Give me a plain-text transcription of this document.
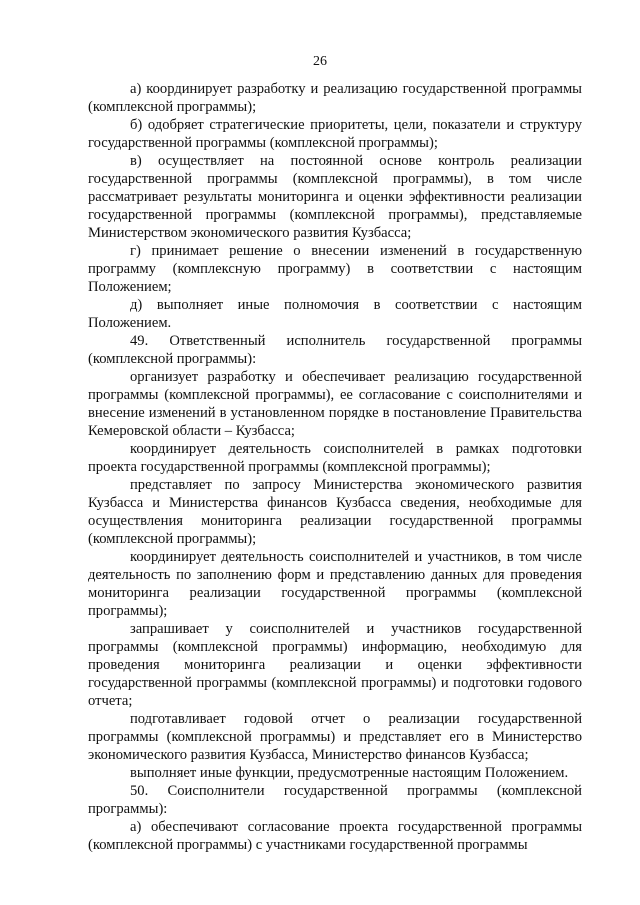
26

а) координирует разработку и реализацию государственной программы (комплексной программы);

б) одобряет стратегические приоритеты, цели, показатели и структуру государственной программы (комплексной программы);

в) осуществляет на постоянной основе контроль реализации государственной программы (комплексной программы), в том числе рассматривает результаты мониторинга и оценки эффективности реализации государственной программы (комплексной программы), представляемые Министерством экономического развития Кузбасса;

г) принимает решение о внесении изменений в государственную программу (комплексную программу) в соответствии с настоящим Положением;

д) выполняет иные полномочия в соответствии с настоящим Положением.

49. Ответственный исполнитель государственной программы (комплексной программы):

организует разработку и обеспечивает реализацию государственной программы (комплексной программы), ее согласование с соисполнителями и внесение изменений в установленном порядке в постановление Правительства Кемеровской области – Кузбасса;

координирует деятельность соисполнителей в рамках подготовки проекта государственной программы (комплексной программы);

представляет по запросу Министерства экономического развития Кузбасса и Министерства финансов Кузбасса сведения, необходимые для осуществления мониторинга реализации государственной программы (комплексной программы);

координирует деятельность соисполнителей и участников, в том числе деятельность по заполнению форм и представлению данных для проведения мониторинга реализации государственной программы (комплексной программы);

запрашивает у соисполнителей и участников государственной программы (комплексной программы) информацию, необходимую для проведения мониторинга реализации и оценки эффективности государственной программы (комплексной программы) и подготовки годового отчета;

подготавливает годовой отчет о реализации государственной программы (комплексной программы) и представляет его в Министерство экономического развития Кузбасса, Министерство финансов Кузбасса;

выполняет иные функции, предусмотренные настоящим Положением.

50. Соисполнители государственной программы (комплексной программы):

а) обеспечивают согласование проекта государственной программы (комплексной программы) с участниками государственной программы
